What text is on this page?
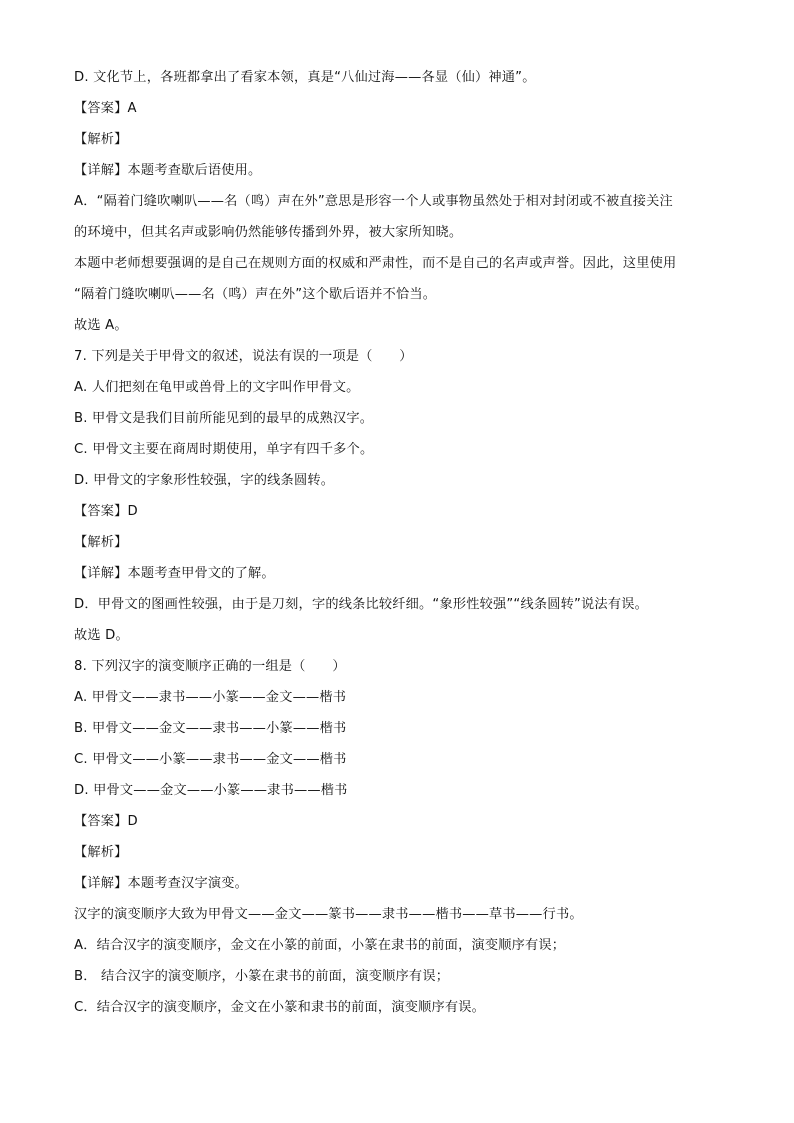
D. 文化节上，各班都拿出了看家本领，真是“八仙过海——各显（仙）神通”。
【答案】A
【解析】
【详解】本题考查歇后语使用。
A．“隔着门缝吹喇叭——名（鸣）声在外”意思是形容一个人或事物虽然处于相对封闭或不被直接关注
的环境中，但其名声或影响仍然能够传播到外界，被大家所知晓。
本题中老师想要强调的是自己在规则方面的权威和严肃性，而不是自己的名声或声誉。因此，这里使用
“隔着门缝吹喇叭——名（鸣）声在外”这个歇后语并不恰当。
故选 A。
7. 下列是关于甲骨文的叙述，说法有误的一项是（　　）
A. 人们把刻在龟甲或兽骨上的文字叫作甲骨文。
B. 甲骨文是我们目前所能见到的最早的成熟汉字。
C. 甲骨文主要在商周时期使用，单字有四千多个。
D. 甲骨文的字象形性较强，字的线条圆转。
【答案】D
【解析】
【详解】本题考查甲骨文的了解。
D．甲骨文的图画性较强，由于是刀刻，字的线条比较纤细。“象形性较强”“线条圆转”说法有误。
故选 D。
8. 下列汉字的演变顺序正确的一组是（　　）
A. 甲骨文——隶书——小篆——金文——楷书
B. 甲骨文——金文——隶书——小篆——楷书
C. 甲骨文——小篆——隶书——金文——楷书
D. 甲骨文——金文——小篆——隶书——楷书
【答案】D
【解析】
【详解】本题考查汉字演变。
汉字的演变顺序大致为甲骨文——金文——篆书——隶书——楷书——草书——行书。
A．结合汉字的演变顺序，金文在小篆的前面，小篆在隶书的前面，演变顺序有误；
B． 结合汉字的演变顺序，小篆在隶书的前面，演变顺序有误；
C．结合汉字的演变顺序，金文在小篆和隶书的前面，演变顺序有误。
